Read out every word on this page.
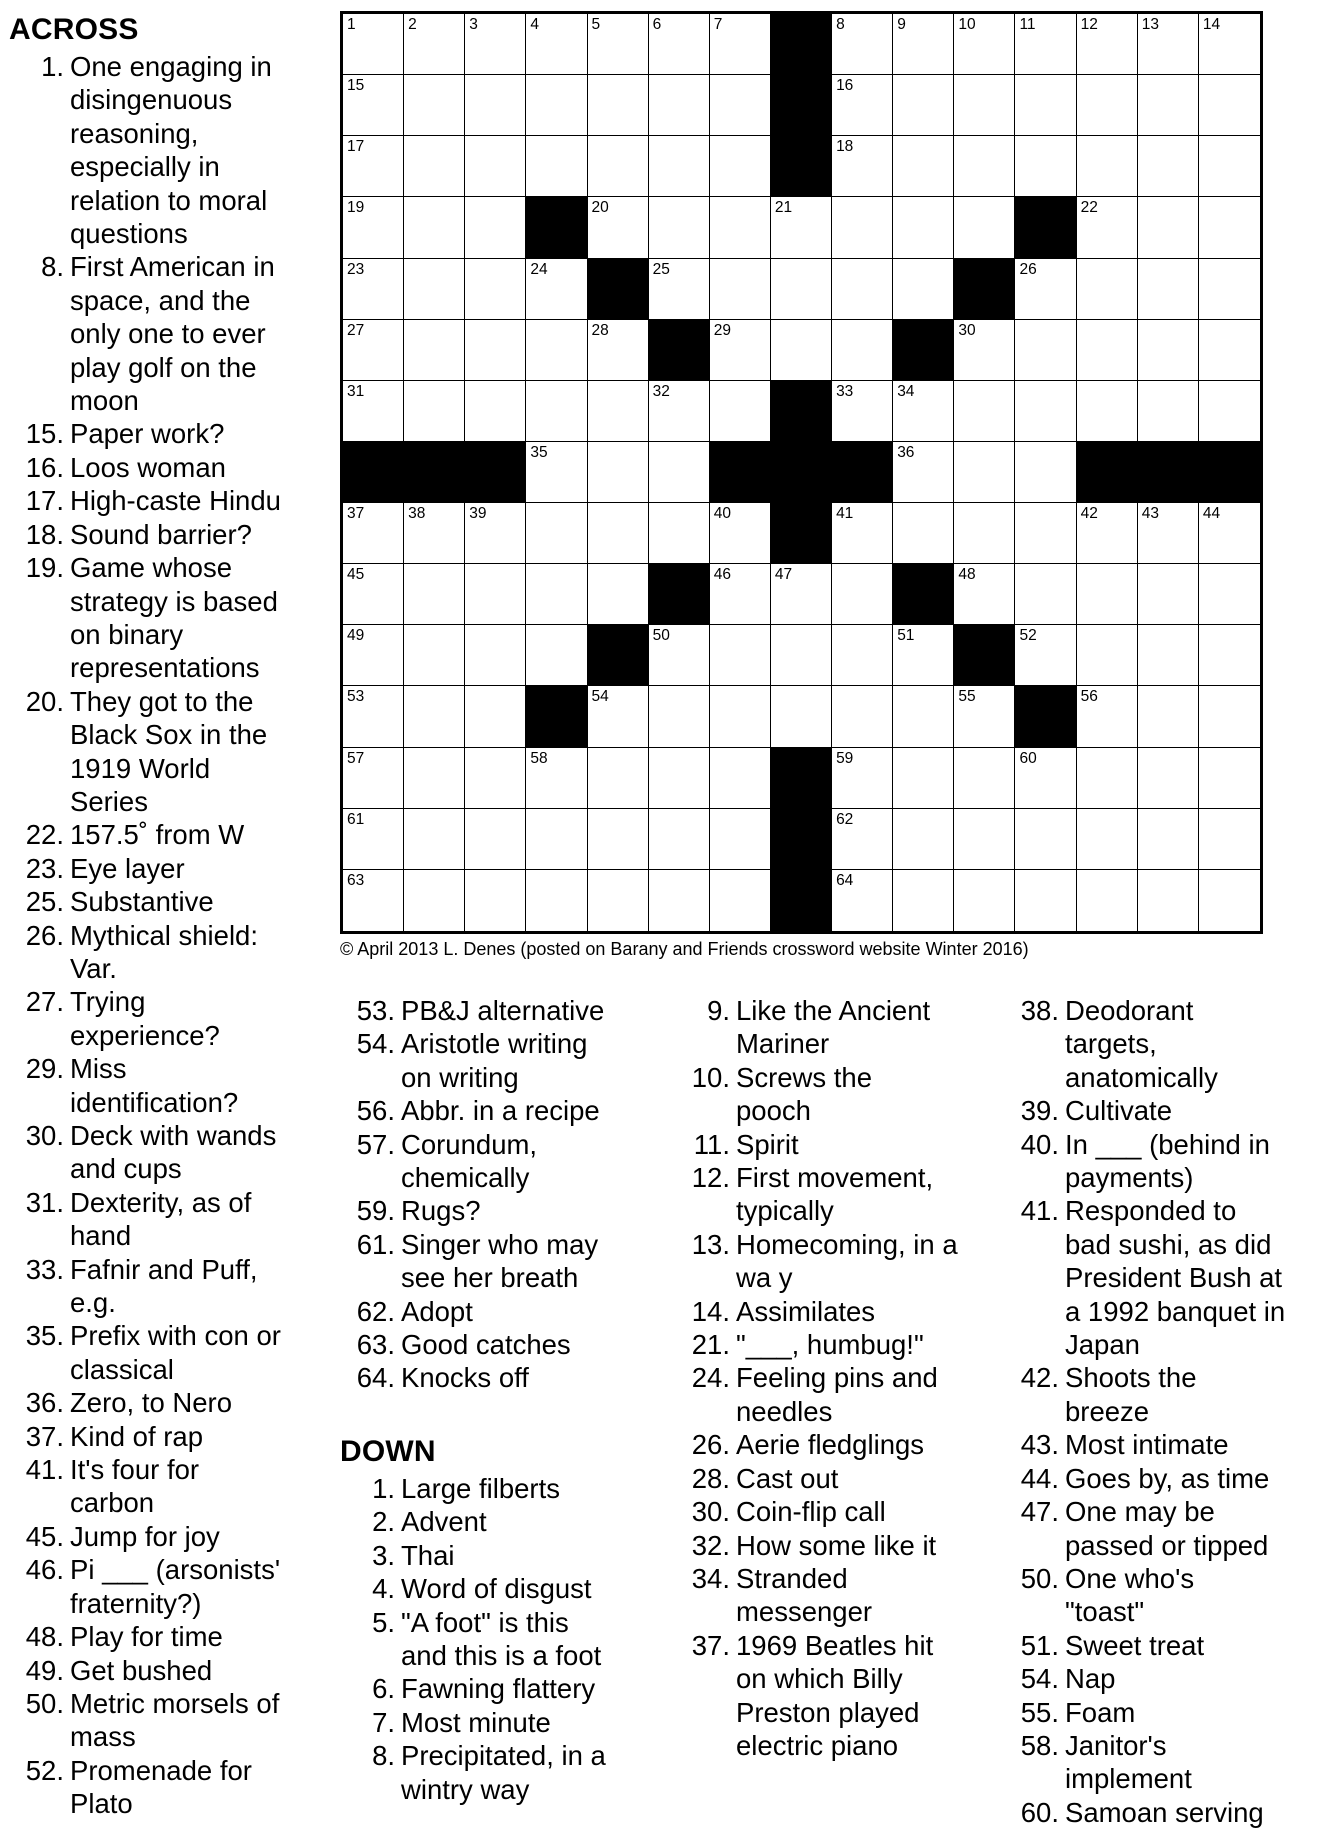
ACROSS
1. One engaging in
disingenuous
reasoning,
especially in
relation to moral
questions
8. First American in
space, and the
only one to ever
play golf on the
moon
15. Paper work?
16. Loos woman
17. High-caste Hindu
18. Sound barrier?
19. Game whose
strategy is based
on binary
representations
20. They got to the
Black Sox in the
1919 World
Series
22. 157.5˚ from W
23. Eye layer
25. Substantive
26. Mythical shield:
Var.
27. Trying
experience?
29. Miss
identification?
30. Deck with wands
and cups
31. Dexterity, as of
hand
33. Fafnir and Puff,
e.g.
35. Prefix with con or
classical
36. Zero, to Nero
37. Kind of rap
41. It's four for
carbon
45. Jump for joy
46. Pi ___ (arsonists'
fraternity?)
48. Play for time
49. Get bushed
50. Metric morsels of
mass
52. Promenade for
Plato
53. PB&J alternative
54. Aristotle writing
on writing
56. Abbr. in a recipe
57. Corundum,
chemically
59. Rugs?
61. Singer who may
see her breath
62. Adopt
63. Good catches
64. Knocks off
DOWN
1. Large filberts
2. Advent
3. Thai
4. Word of disgust
5. "A foot" is this
and this is a foot
6. Fawning flattery
7. Most minute
8. Precipitated, in a
wintry way
9. Like the Ancient
Mariner
10. Screws the
pooch
11. Spirit
12. First movement,
typically
13. Homecoming, in a
wa y
14. Assimilates
21. "___, humbug!"
24. Feeling pins and
needles
26. Aerie fledglings
28. Cast out
30. Coin-flip call
32. How some like it
34. Stranded
messenger
37. 1969 Beatles hit
on which Billy
Preston played
electric piano
38. Deodorant
targets,
anatomically
39. Cultivate
40. In ___ (behind in
payments)
41. Responded to
bad sushi, as did
President Bush at
a 1992 banquet in
Japan
42. Shoots the
breeze
43. Most intimate
44. Goes by, as time
47. One may be
passed or tipped
50. One who's
"toast"
51. Sweet treat
54. Nap
55. Foam
58. Janitor's
implement
60. Samoan serving
1	2	3	4	5	6	7	8	9	10	11	12	13	14
15	16
17	18
19	20	21	22
23	24	25	26
27	28	29	30
31	32	33	34
35	36
37	38	39	40	41	42	43	44
45	46	47	48
49	50	51	52
53	54	55	56
57	58	59	60
61	62
63	64
© April 2013 L. Denes (posted on Barany and Friends crossword website Winter 2016)
